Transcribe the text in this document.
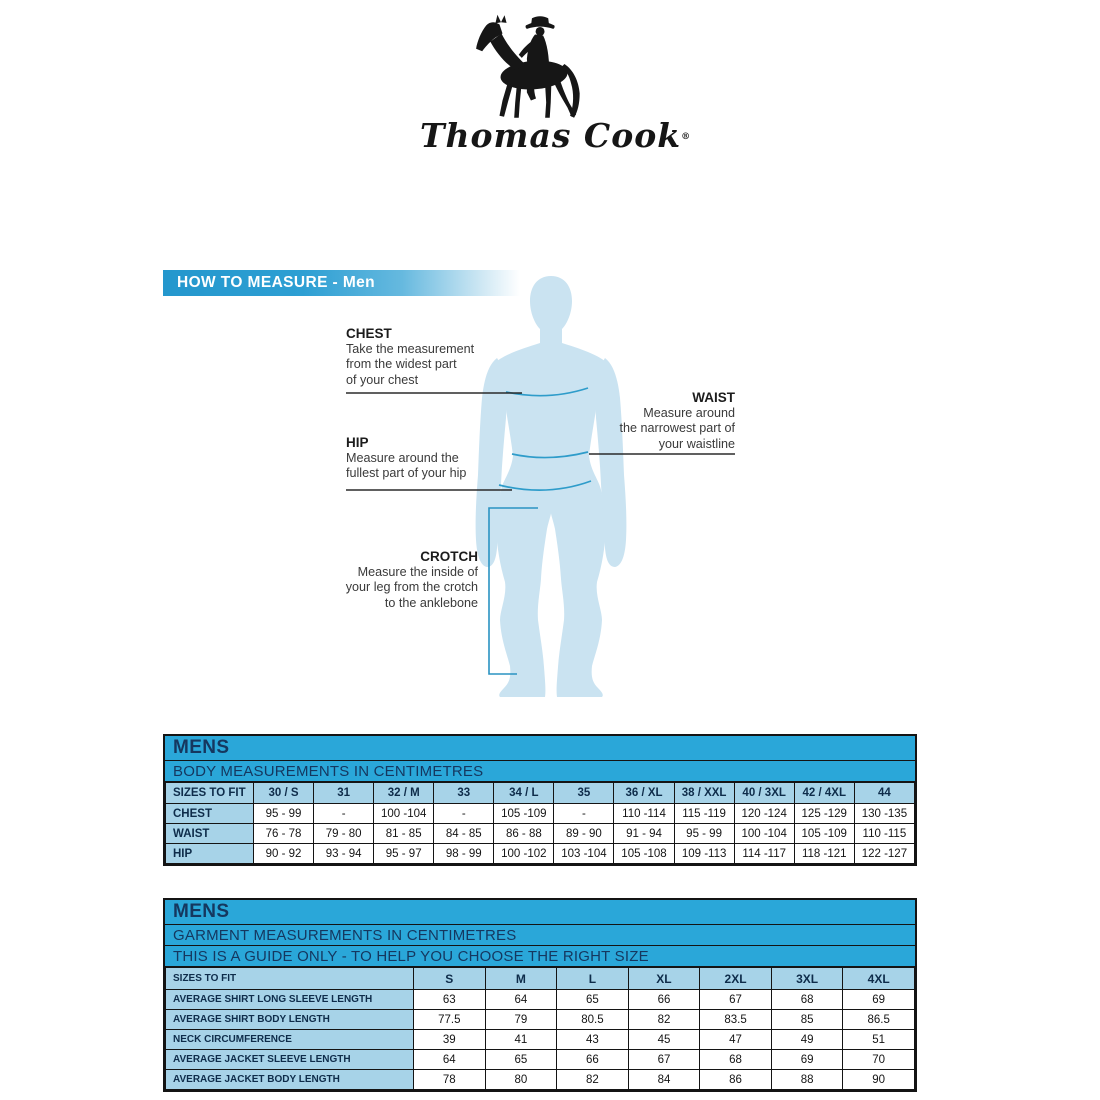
Thomas Cook®
HOW TO MEASURE - Men
CHEST
Take the measurement
from the widest part
of your chest
WAIST
Measure around
the narrowest part of
your waistline
HIP
Measure around the
fullest part of your hip
CROTCH
Measure the inside of
your leg from the crotch
to the anklebone
MENS
BODY MEASUREMENTS IN CENTIMETRES
SIZES TO FIT	30 / S	31	32 / M	33	34 / L	35	36 / XL	38 / XXL	40 / 3XL	42 / 4XL	44
CHEST	95 - 99	-	100 -104	-	105 -109	-	110 -114	115 -119	120 -124	125 -129	130 -135
WAIST	76 - 78	79 - 80	81 - 85	84 - 85	86 - 88	89 - 90	91 - 94	95 - 99	100 -104	105 -109	110 -115
HIP	90 - 92	93 - 94	95 - 97	98 - 99	100 -102	103 -104	105 -108	109 -113	114 -117	118 -121	122 -127
MENS
GARMENT MEASUREMENTS IN CENTIMETRES
THIS IS A GUIDE ONLY - TO HELP YOU CHOOSE THE RIGHT SIZE
SIZES TO FIT	S	M	L	XL	2XL	3XL	4XL
AVERAGE SHIRT LONG SLEEVE LENGTH	63	64	65	66	67	68	69
AVERAGE SHIRT BODY LENGTH	77.5	79	80.5	82	83.5	85	86.5
NECK CIRCUMFERENCE	39	41	43	45	47	49	51
AVERAGE JACKET SLEEVE LENGTH	64	65	66	67	68	69	70
AVERAGE JACKET BODY LENGTH	78	80	82	84	86	88	90
